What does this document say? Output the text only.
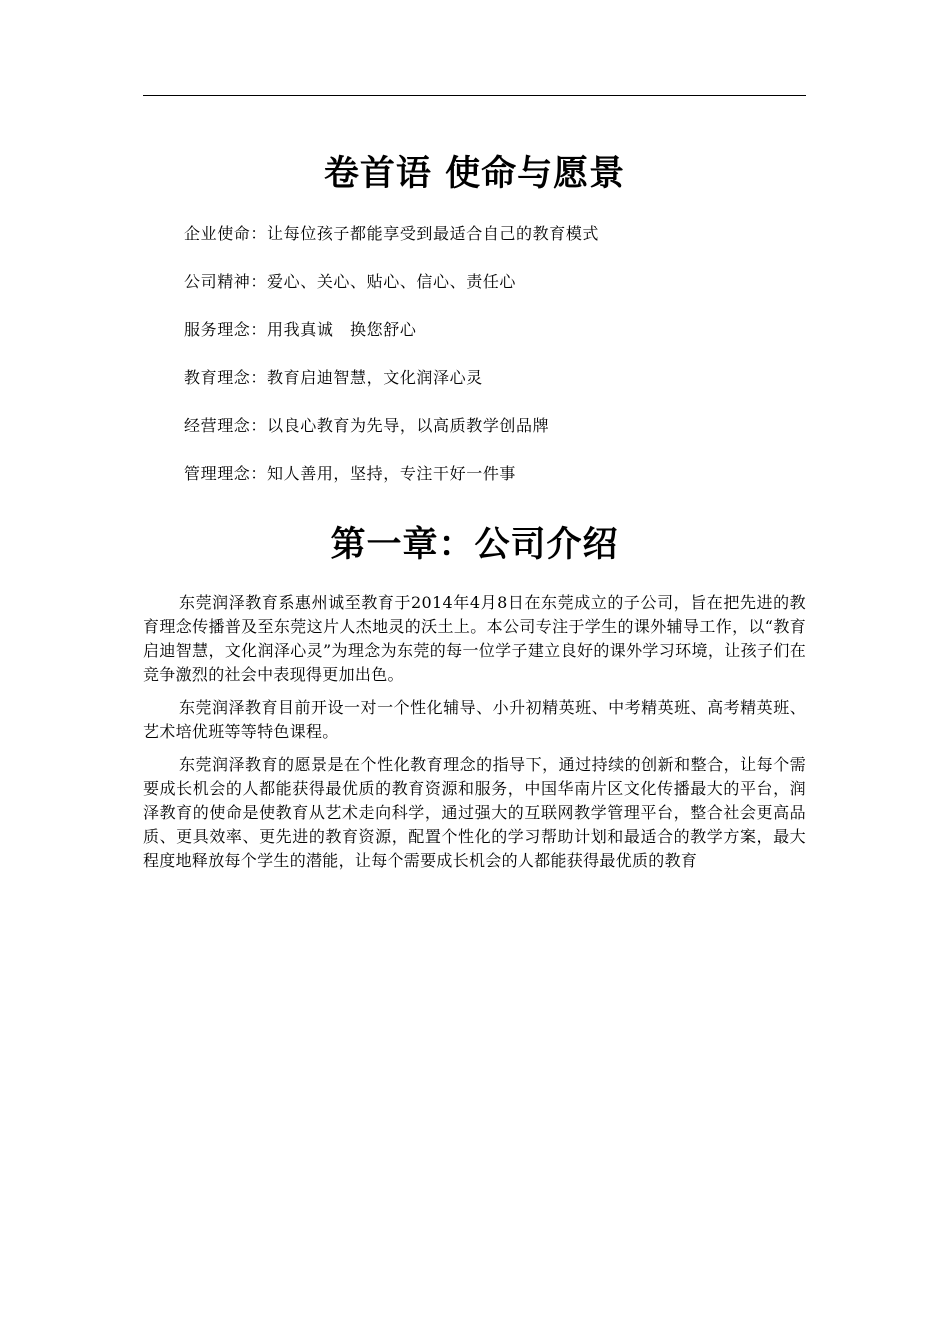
卷首语 使命与愿景
企业使命：让每位孩子都能享受到最适合自己的教育模式
公司精神：爱心、关心、贴心、信心、责任心
服务理念：用我真诚　换您舒心
教育理念：教育启迪智慧，文化润泽心灵
经营理念：以良心教育为先导，以高质教学创品牌
管理理念：知人善用，坚持，专注干好一件事
第一章：公司介绍

东莞润泽教育系惠州诚至教育于2014年4月8日在东莞成立的子公司，旨在把先进的教育理念传播普及至东莞这片人杰地灵的沃土上。本公司专注于学生的课外辅导工作，以“教育启迪智慧，文化润泽心灵”为理念为东莞的每一位学子建立良好的课外学习环境，让孩子们在竞争激烈的社会中表现得更加出色。

东莞润泽教育目前开设一对一个性化辅导、小升初精英班、中考精英班、高考精英班、艺术培优班等等特色课程。

东莞润泽教育的愿景是在个性化教育理念的指导下，通过持续的创新和整合，让每个需要成长机会的人都能获得最优质的教育资源和服务，中国华南片区文化传播最大的平台，润泽教育的使命是使教育从艺术走向科学，通过强大的互联网教学管理平台，整合社会更高品质、更具效率、更先进的教育资源，配置个性化的学习帮助计划和最适合的教学方案，最大程度地释放每个学生的潜能，让每个需要成长机会的人都能获得最优质的教育
